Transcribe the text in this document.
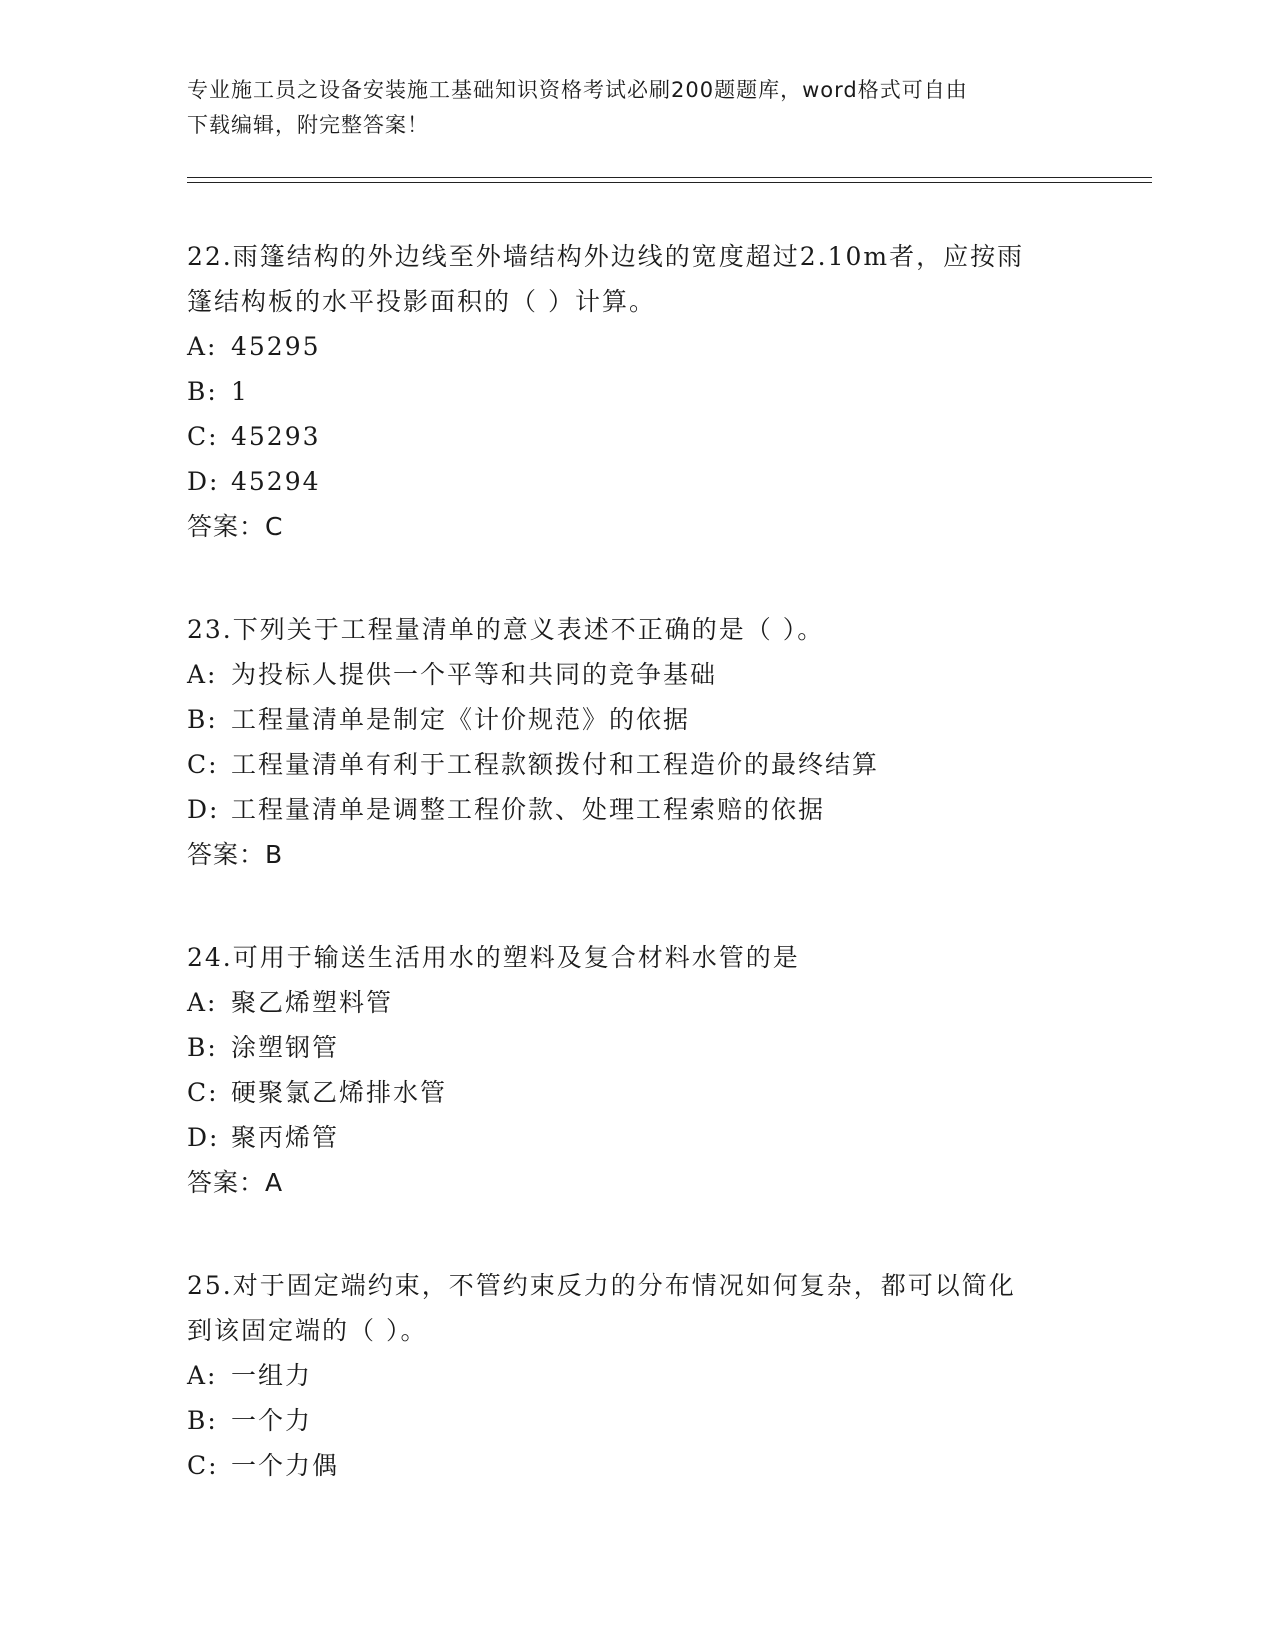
专业施工员之设备安装施工基础知识资格考试必刷200题题库，word格式可自由
下载编辑，附完整答案！

22.雨篷结构的外边线至外墙结构外边线的宽度超过2.10m者，应按雨

篷结构板的水平投影面积的（ ）计算。

A: 45295
B: 1
C: 45293
D: 45294

答案：C

23.下列关于工程量清单的意义表述不正确的是（ ）。

A: 为投标人提供一个平等和共同的竞争基础
B: 工程量清单是制定《计价规范》的依据
C: 工程量清单有利于工程款额拨付和工程造价的最终结算
D: 工程量清单是调整工程价款、处理工程索赔的依据

答案：B

24.可用于输送生活用水的塑料及复合材料水管的是

A: 聚乙烯塑料管
B: 涂塑钢管
C: 硬聚氯乙烯排水管
D: 聚丙烯管

答案：A

25.对于固定端约束，不管约束反力的分布情况如何复杂，都可以简化

到该固定端的（ ）。

A: 一组力
B: 一个力
C: 一个力偶
